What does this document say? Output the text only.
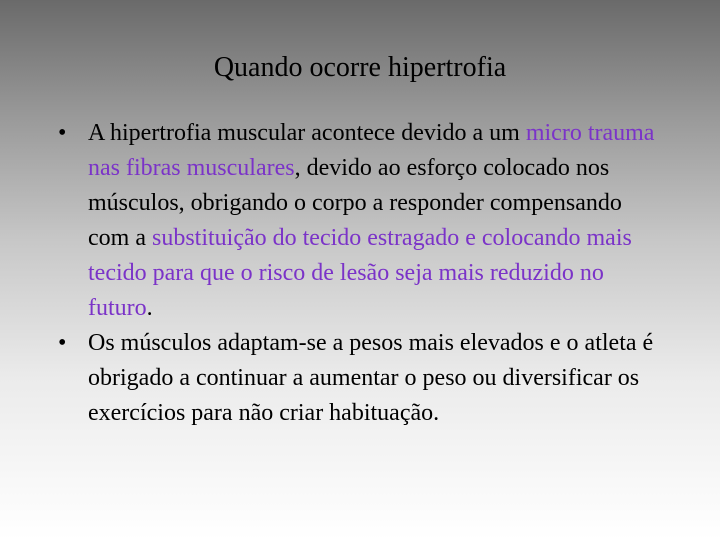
Quando ocorre hipertrofia
• A hipertrofia muscular acontece devido a um micro trauma nas fibras musculares, devido ao esforço colocado nos músculos, obrigando o corpo a responder compensando com a substituição do tecido estragado e colocando mais tecido para que o risco de lesão seja mais reduzido no futuro.
• Os músculos adaptam-se a pesos mais elevados e o atleta é obrigado a continuar a aumentar o peso ou diversificar os exercícios para não criar habituação.
